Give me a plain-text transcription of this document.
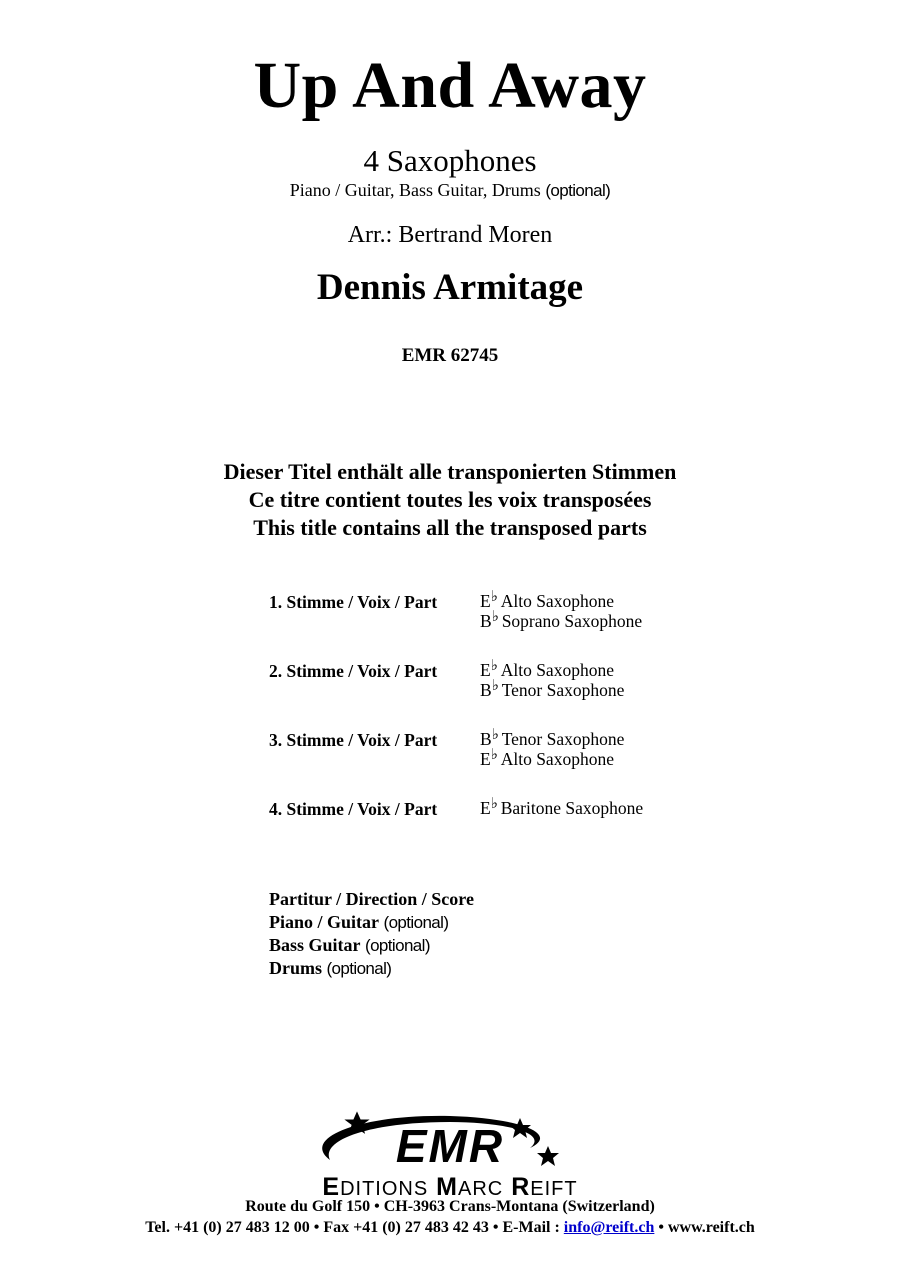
Up And Away
4 Saxophones
Piano / Guitar, Bass Guitar, Drums (optional)
Arr.: Bertrand Moren
Dennis Armitage
EMR 62745
Dieser Titel enthält alle transponierten Stimmen
Ce titre contient toutes les voix transposées
This title contains all the transposed parts
1. Stimme / Voix / Part E♭ Alto Saxophone
B♭ Soprano Saxophone
2. Stimme / Voix / Part E♭ Alto Saxophone
B♭ Tenor Saxophone
3. Stimme / Voix / Part B♭ Tenor Saxophone
E♭ Alto Saxophone
4. Stimme / Voix / Part E♭ Baritone Saxophone
Partitur / Direction / Score
Piano / Guitar (optional)
Bass Guitar (optional)
Drums (optional)
EMR
EDITIONS MARC REIFT
Route du Golf 150 • CH-3963 Crans-Montana (Switzerland)
Tel. +41 (0) 27 483 12 00 • Fax +41 (0) 27 483 42 43 • E-Mail : info@reift.ch • www.reift.ch
